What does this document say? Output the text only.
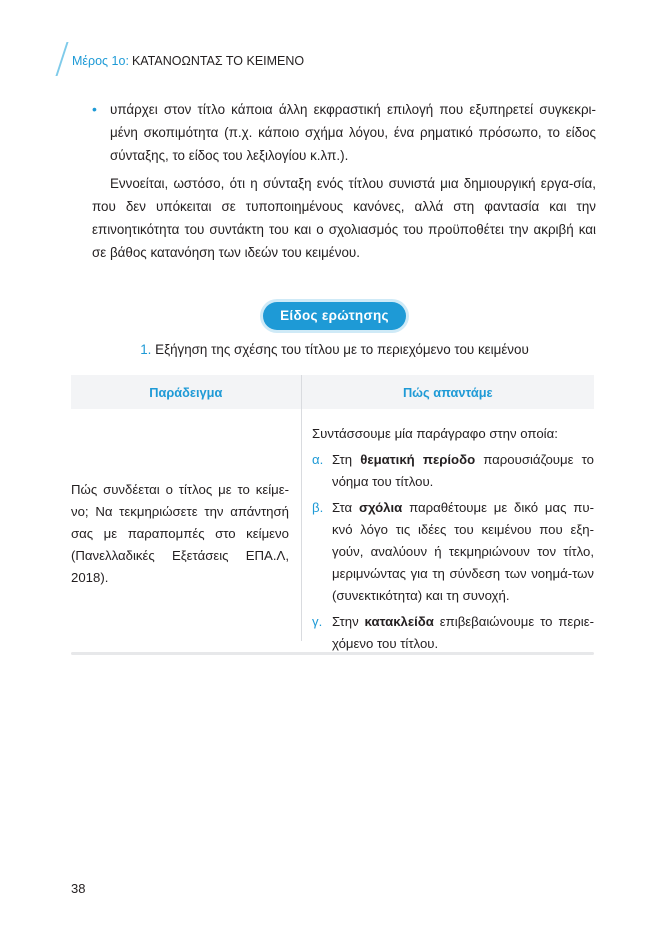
Μέρος 1ο : ΚΑΤΑΝΟΩΝΤΑΣ ΤΟ ΚΕΙΜΕΝΟ
• υπάρχει στον τίτλο κάποια άλλη εκφραστική επιλογή που εξυπηρετεί συγκεκρι-μένη σκοπιμότητα (π.χ. κάποιο σχήμα λόγου, ένα ρηματικό πρόσωπο, το είδος σύνταξης, το είδος του λεξιλογίου κ.λπ.).

Εννοείται, ωστόσο, ότι η σύνταξη ενός τίτλου συνιστά μια δημιουργική εργα-σία, που δεν υπόκειται σε τυποποιημένους κανόνες, αλλά στη φαντασία και την επινοητικότητα του συντάκτη του και ο σχολιασμός του προϋποθέτει την ακριβή και σε βάθος κατανόηση των ιδεών του κειμένου.

Είδος ερώτησης
1. Εξήγηση της σχέσης του τίτλου με το περιεχόμενο του κειμένου
Παράδειγμα	Πώς απαντάμε
Πώς συνδέεται ο τίτλος με το κείμε-νο; Να τεκμηριώσετε την απάντησή σας με παραπομπές στο κείμενο (Πανελλαδικές Εξετάσεις ΕΠΑ.Λ, 2018).
Συντάσσουμε μία παράγραφο στην οποία:
α. Στη θεματική περίοδο παρουσιάζουμε το νόημα του τίτλου.
β. Στα σχόλια παραθέτουμε με δικό μας πυ-κνό λόγο τις ιδέες του κειμένου που εξη-γούν, αναλύουν ή τεκμηριώνουν τον τίτλο, μεριμνώντας για τη σύνδεση των νοημά-των (συνεκτικότητα) και τη συνοχή.
γ. Στην κατακλείδα επιβεβαιώνουμε το περιε-χόμενο του τίτλου.
38
